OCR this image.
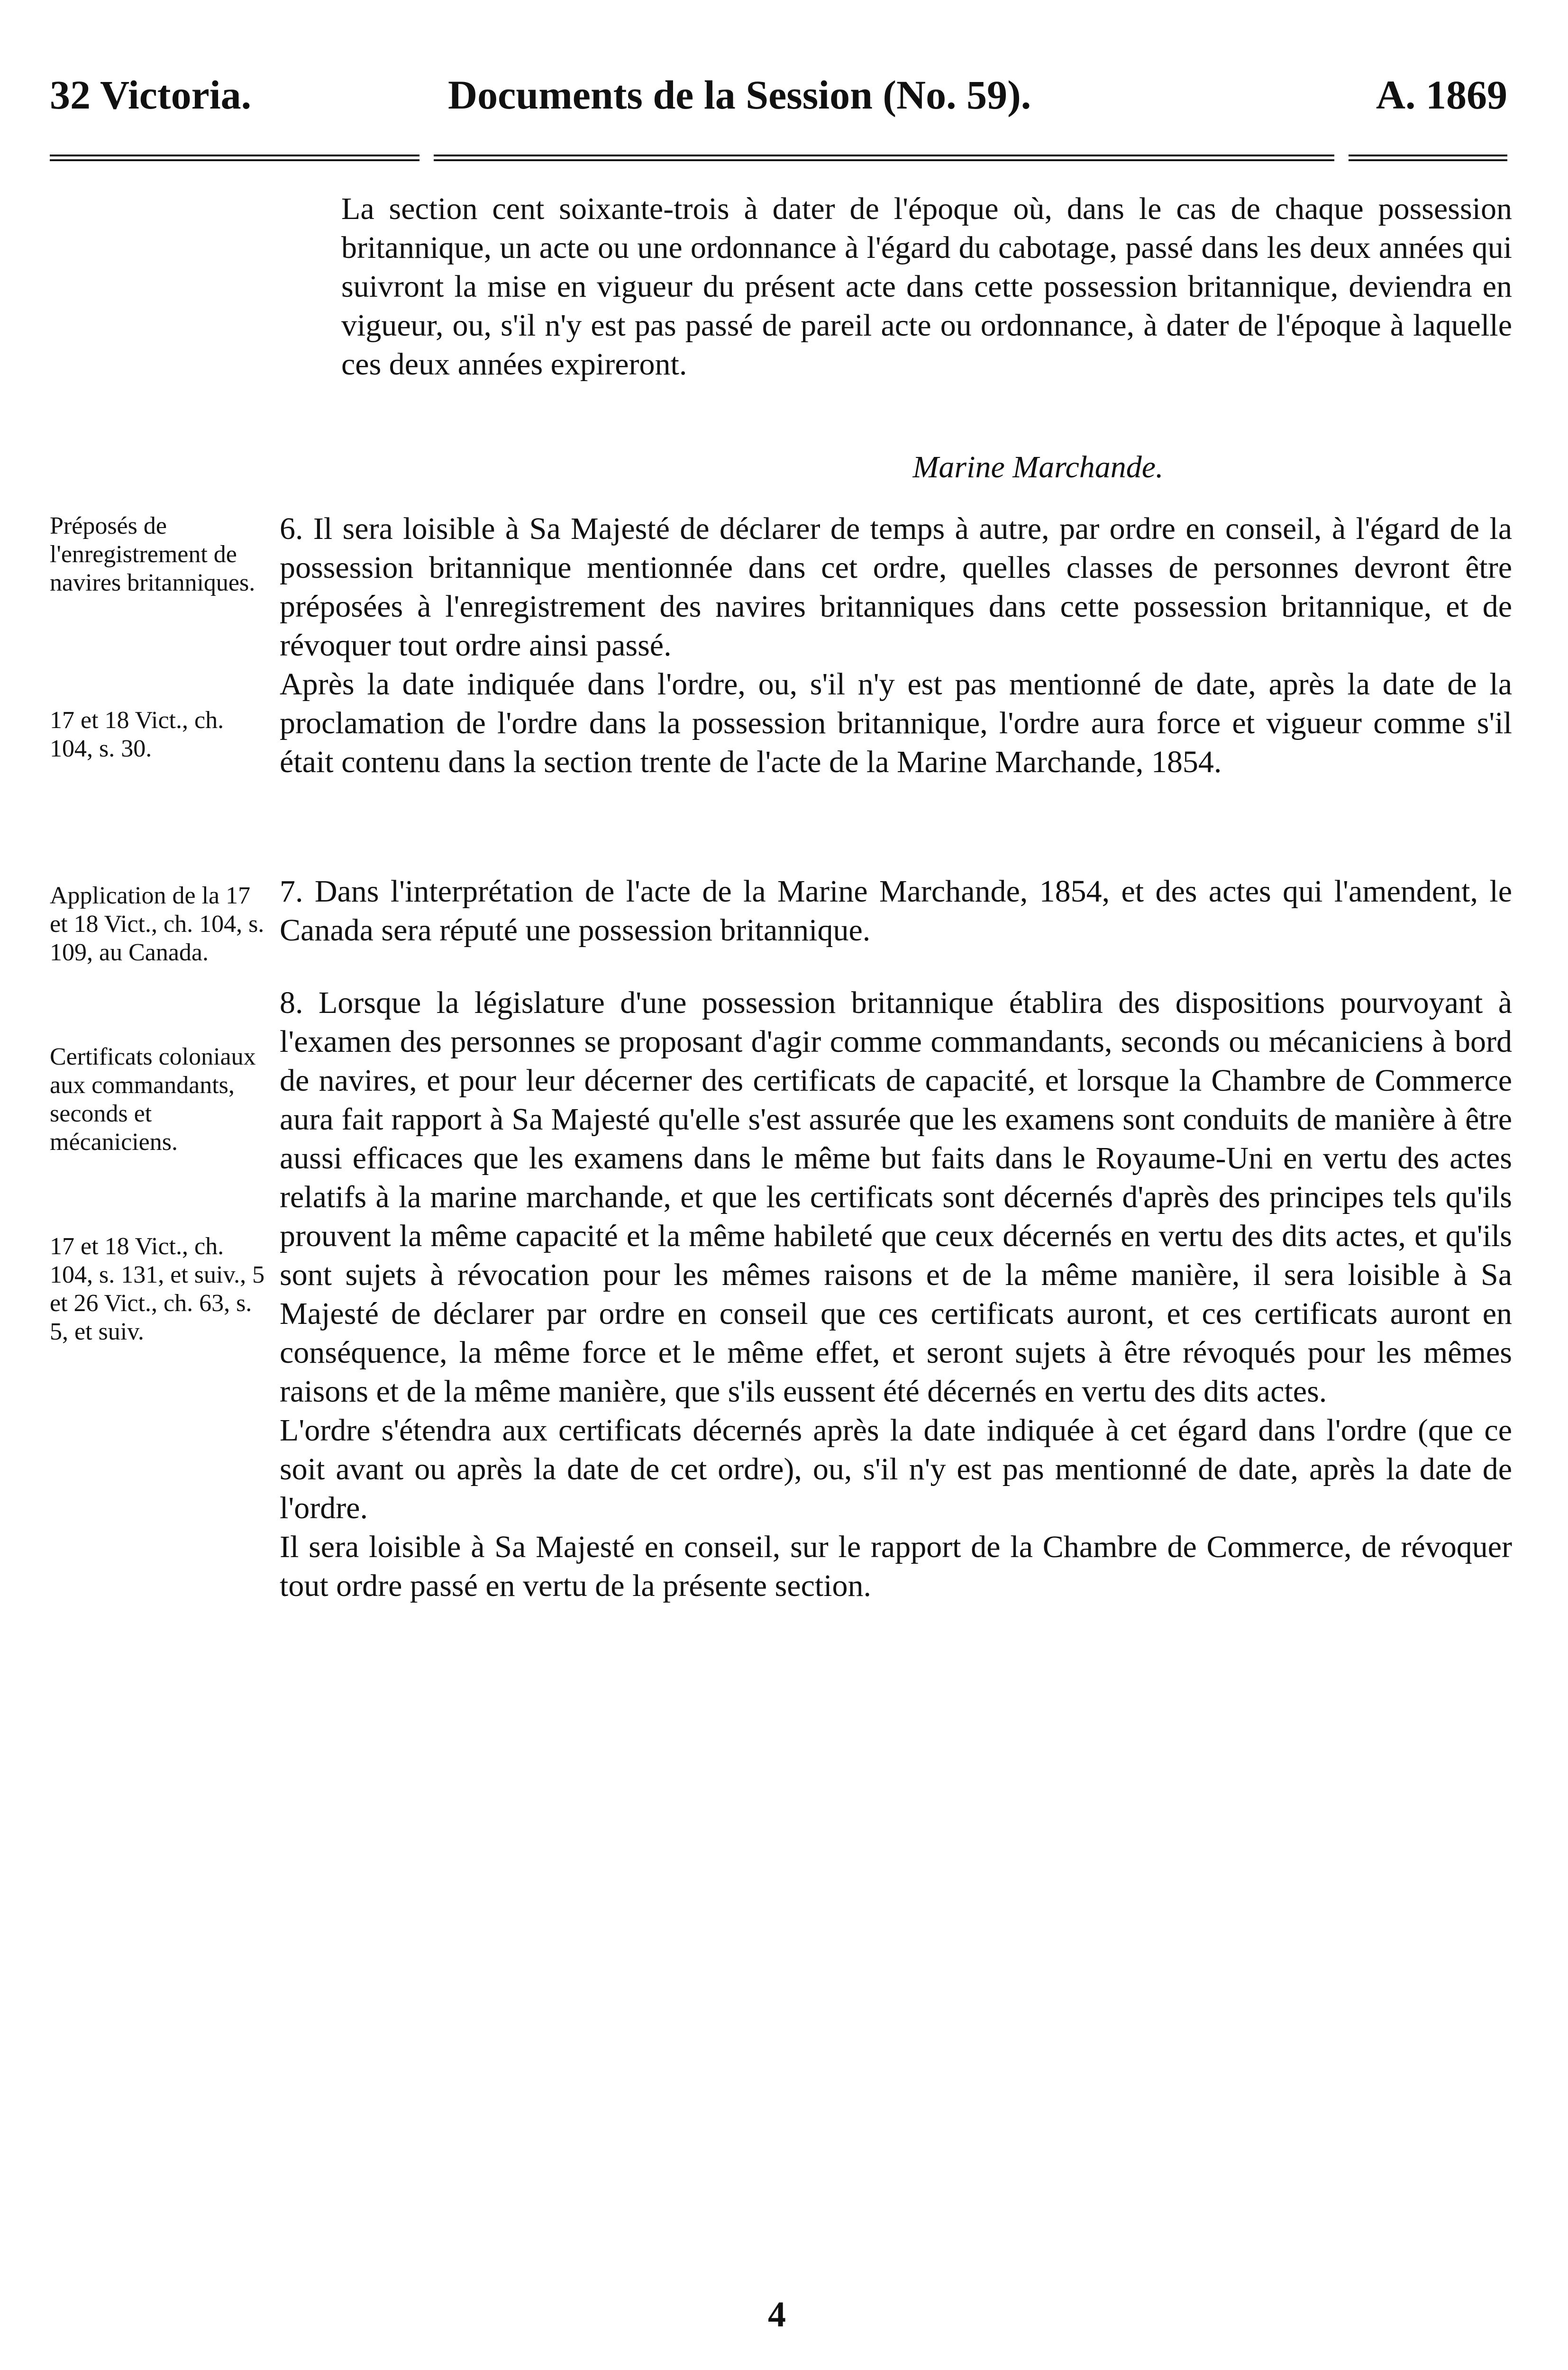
32 Victoria.	Documents de la Session (No. 59).	A. 1869

La section cent soixante-trois à dater de l'époque où, dans le cas de chaque possession britannique, un acte ou une ordonnance à l'égard du cabotage, passé dans les deux années qui suivront la mise en vigueur du présent acte dans cette possession britannique, deviendra en vigueur, ou, s'il n'y est pas passé de pareil acte ou ordonnance, à dater de l'époque à laquelle ces deux années expireront.

Marine Marchande.

6. Il sera loisible à Sa Majesté de déclarer de temps à autre, par ordre en conseil, à l'égard de la possession britannique mentionnée dans cet ordre, quelles classes de personnes devront être préposées à l'enregistrement des navires britanniques dans cette possession britannique, et de révoquer tout ordre ainsi passé.

Après la date indiquée dans l'ordre, ou, s'il n'y est pas mentionné de date, après la date de la proclamation de l'ordre dans la possession britannique, l'ordre aura force et vigueur comme s'il était contenu dans la section trente de l'acte de la Marine Marchande, 1854.

7. Dans l'interprétation de l'acte de la Marine Marchande, 1854, et des actes qui l'amendent, le Canada sera réputé une possession britannique.

8. Lorsque la législature d'une possession britannique établira des dispositions pourvoyant à l'examen des personnes se proposant d'agir comme commandants, seconds ou mécaniciens à bord de navires, et pour leur décerner des certificats de capacité, et lorsque la Chambre de Commerce aura fait rapport à Sa Majesté qu'elle s'est assurée que les examens sont conduits de manière à être aussi efficaces que les examens dans le même but faits dans le Royaume-Uni en vertu des actes relatifs à la marine marchande, et que les certificats sont décernés d'après des principes tels qu'ils prouvent la même capacité et la même habileté que ceux décernés en vertu des dits actes, et qu'ils sont sujets à révocation pour les mêmes raisons et de la même manière, il sera loisible à Sa Majesté de déclarer par ordre en conseil que ces certificats auront, et ces certificats auront en conséquence, la même force et le même effet, et seront sujets à être révoqués pour les mêmes raisons et de la même manière, que s'ils eussent été décernés en vertu des dits actes.

L'ordre s'étendra aux certificats décernés après la date indiquée à cet égard dans l'ordre (que ce soit avant ou après la date de cet ordre), ou, s'il n'y est pas mentionné de date, après la date de l'ordre.

Il sera loisible à Sa Majesté en conseil, sur le rapport de la Chambre de Commerce, de révoquer tout ordre passé en vertu de la présente section.

Préposés de l'enregistrement de navires britanniques.
17 et 18 Vict., ch. 104, s. 30.
Application de la 17 et 18 Vict., ch. 104, s. 109, au Canada.
Certificats coloniaux aux commandants, seconds et mécaniciens.
17 et 18 Vict., ch. 104, s. 131, et suiv., 5 et 26 Vict., ch. 63, s. 5, et suiv.
4
